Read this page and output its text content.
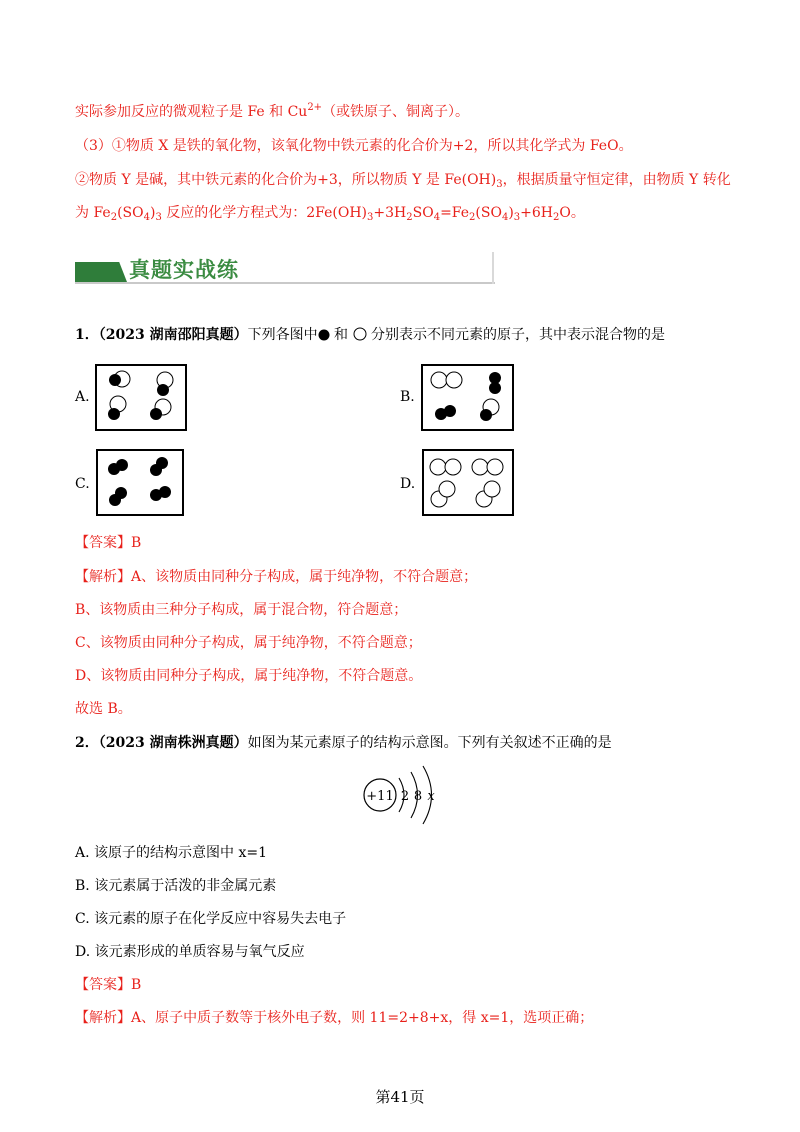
实际参加反应的微观粒子是 Fe 和 $Cu^{2+}$（或铁原子、铜离子）。
（3）①物质 X 是铁的氧化物，该氧化物中铁元素的化合价为+2，所以其化学式为 FeO。
②物质 Y 是碱，其中铁元素的化合价为+3，所以物质 Y 是 $Fe(OH)_3$，根据质量守恒定律，由物质 Y 转化
为 $Fe_2(SO_4)_3$ 反应的化学方程式为：$2Fe(OH)_3+3H_2SO_4=Fe_2(SO_4)_3+6H_2O$。
真题实战练
1．（2023 湖南邵阳真题）下列各图中 和  分别表示不同元素的原子，其中表示混合物的是
A.	B.
C.	D.
【答案】B
【解析】A、该物质由同种分子构成，属于纯净物，不符合题意；
B、该物质由三种分子构成，属于混合物，符合题意；
C、该物质由同种分子构成，属于纯净物，不符合题意；
D、该物质由同种分子构成，属于纯净物，不符合题意。
故选 B。
2．（2023 湖南株洲真题）如图为某元素原子的结构示意图。下列有关叙述不正确的是
+11 2 8 x
A. 该原子的结构示意图中 x=1
B. 该元素属于活泼的非金属元素
C. 该元素的原子在化学反应中容易失去电子
D. 该元素形成的单质容易与氧气反应
【答案】B
【解析】A、原子中质子数等于核外电子数，则 11=2+8+x，得 x=1，选项正确；
第41页
